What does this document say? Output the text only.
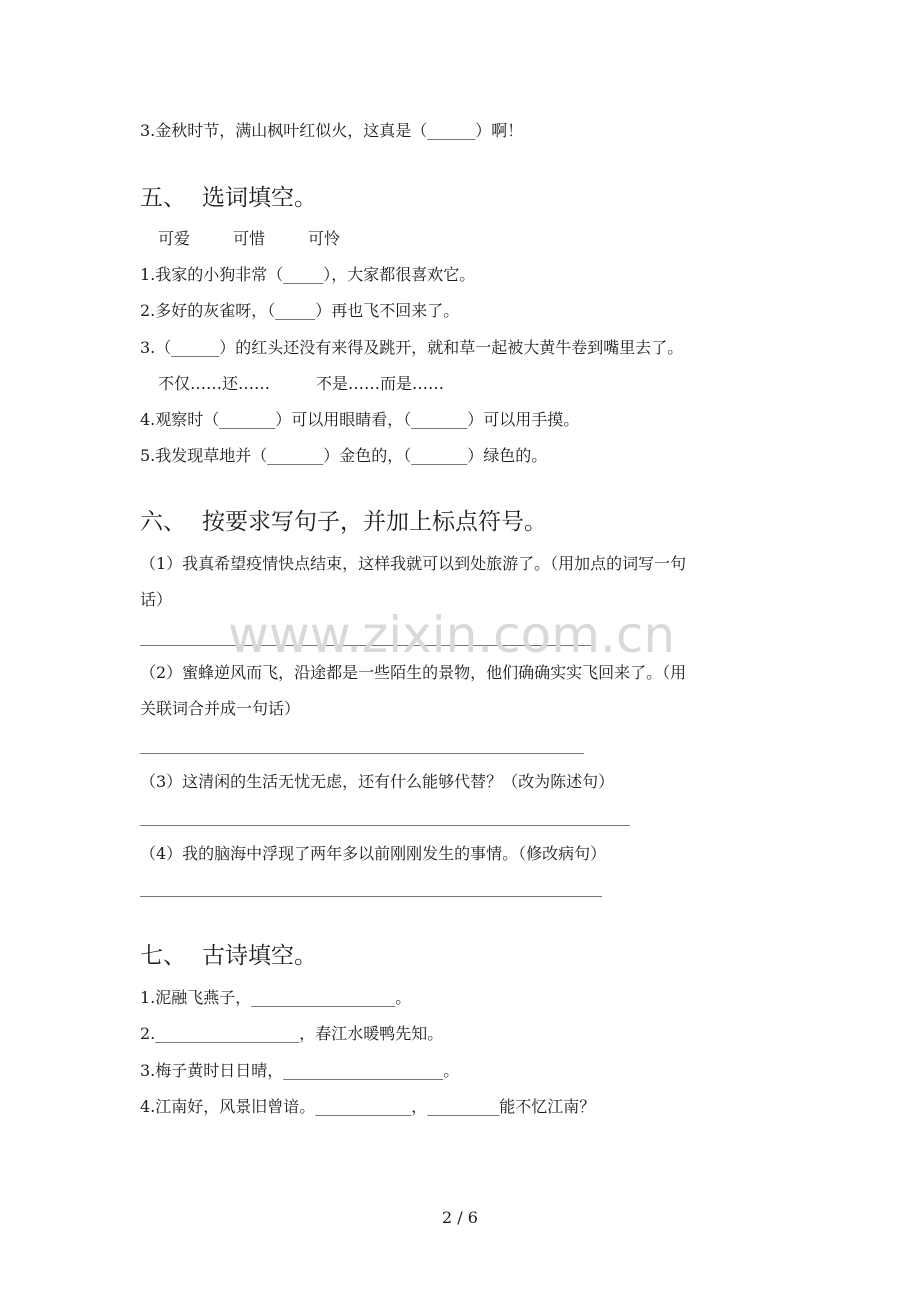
3.金秋时节，满山枫叶红似火，这真是（______）啊！
五、 选词填空。
可爱	可惜	可怜
1.我家的小狗非常（_____），大家都很喜欢它。
2.多好的灰雀呀，（_____）再也飞不回来了。
3.（______）的红头还没有来得及跳开，就和草一起被大黄牛卷到嘴里去了。
不仅……还……	不是……而是……
4.观察时（_______）可以用眼睛看，（_______）可以用手摸。
5.我发现草地并（_______）金色的，（_______）绿色的。
六、 按要求写句子，并加上标点符号。
（1）我真希望疫情快点结束，这样我就可以到处旅游了。（用加点的词写一句
话）
www.zixin.com.cn
（2）蜜蜂逆风而飞，沿途都是一些陌生的景物，他们确确实实飞回来了。（用
关联词合并成一句话）
（3）这清闲的生活无忧无虑，还有什么能够代替？（改为陈述句）
（4）我的脑海中浮现了两年多以前刚刚发生的事情。（修改病句）
七、 古诗填空。
1.泥融飞燕子，__________________。
2.__________________，春江水暖鸭先知。
3.梅子黄时日日晴，____________________。
4.江南好，风景旧曾谙。____________，_________能不忆江南？
2 / 6
